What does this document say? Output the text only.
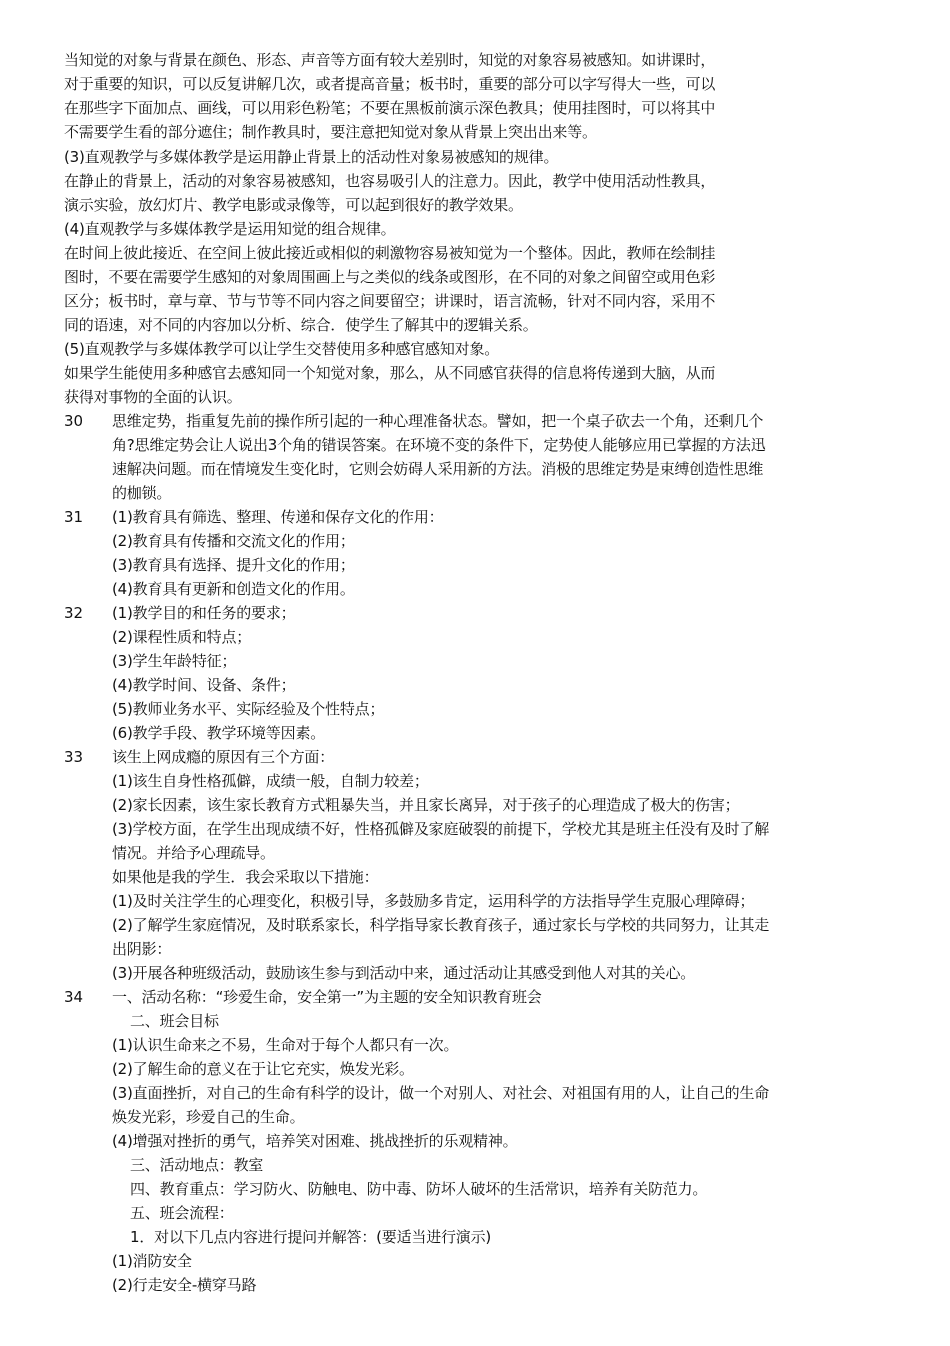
当知觉的对象与背景在颜色、形态、声音等方面有较大差别时，知觉的对象容易被感知。如讲课时，
对于重要的知识，可以反复讲解几次，或者提高音量；板书时，重要的部分可以字写得大一些，可以
在那些字下面加点、画线，可以用彩色粉笔；不要在黑板前演示深色教具；使用挂图时，可以将其中
不需要学生看的部分遮住；制作教具时，要注意把知觉对象从背景上突出出来等。
(3)直观教学与多媒体教学是运用静止背景上的活动性对象易被感知的规律。
在静止的背景上，活动的对象容易被感知，也容易吸引人的注意力。因此，教学中使用活动性教具，
演示实验，放幻灯片、教学电影或录像等，可以起到很好的教学效果。
(4)直观教学与多媒体教学是运用知觉的组合规律。
在时间上彼此接近、在空间上彼此接近或相似的刺激物容易被知觉为一个整体。因此，教师在绘制挂
图时，不要在需要学生感知的对象周围画上与之类似的线条或图形，在不同的对象之间留空或用色彩
区分；板书时，章与章、节与节等不同内容之间要留空；讲课时，语言流畅，针对不同内容，采用不
同的语速，对不同的内容加以分析、综合．使学生了解其中的逻辑关系。
(5)直观教学与多媒体教学可以让学生交替使用多种感官感知对象。
如果学生能使用多种感官去感知同一个知觉对象，那么，从不同感官获得的信息将传递到大脑，从而
获得对事物的全面的认识。
30 思维定势，指重复先前的操作所引起的一种心理准备状态。譬如，把一个桌子砍去一个角，还剩几个
角?思维定势会让人说出3个角的错误答案。在环境不变的条件下，定势使人能够应用已掌握的方法迅
速解决问题。而在情境发生变化时，它则会妨碍人采用新的方法。消极的思维定势是束缚创造性思维
的枷锁。
31 (1)教育具有筛选、整理、传递和保存文化的作用：
(2)教育具有传播和交流文化的作用；
(3)教育具有选择、提升文化的作用；
(4)教育具有更新和创造文化的作用。
32 (1)教学目的和任务的要求；
(2)课程性质和特点；
(3)学生年龄特征；
(4)教学时间、设备、条件；
(5)教师业务水平、实际经验及个性特点；
(6)教学手段、教学环境等因素。
33 该生上网成瘾的原因有三个方面：
(1)该生自身性格孤僻，成绩一般，自制力较差；
(2)家长因素，该生家长教育方式粗暴失当，并且家长离异，对于孩子的心理造成了极大的伤害；
(3)学校方面，在学生出现成绩不好，性格孤僻及家庭破裂的前提下，学校尤其是班主任没有及时了解
情况。并给予心理疏导。
如果他是我的学生．我会采取以下措施：
(1)及时关注学生的心理变化，积极引导，多鼓励多肯定，运用科学的方法指导学生克服心理障碍；
(2)了解学生家庭情况，及时联系家长，科学指导家长教育孩子，通过家长与学校的共同努力，让其走
出阴影：
(3)开展各种班级活动，鼓励该生参与到活动中来，通过活动让其感受到他人对其的关心。
34 一、活动名称：“珍爱生命，安全第一”为主题的安全知识教育班会
二、班会目标
(1)认识生命来之不易，生命对于每个人都只有一次。
(2)了解生命的意义在于让它充实，焕发光彩。
(3)直面挫折，对自己的生命有科学的设计，做一个对别人、对社会、对祖国有用的人，让自己的生命
焕发光彩，珍爱自己的生命。
(4)增强对挫折的勇气，培养笑对困难、挑战挫折的乐观精神。
三、活动地点：教室
四、教育重点：学习防火、防触电、防中毒、防坏人破坏的生活常识，培养有关防范力。
五、班会流程：
1．对以下几点内容进行提问并解答：(要适当进行演示)
(1)消防安全
(2)行走安全-横穿马路
